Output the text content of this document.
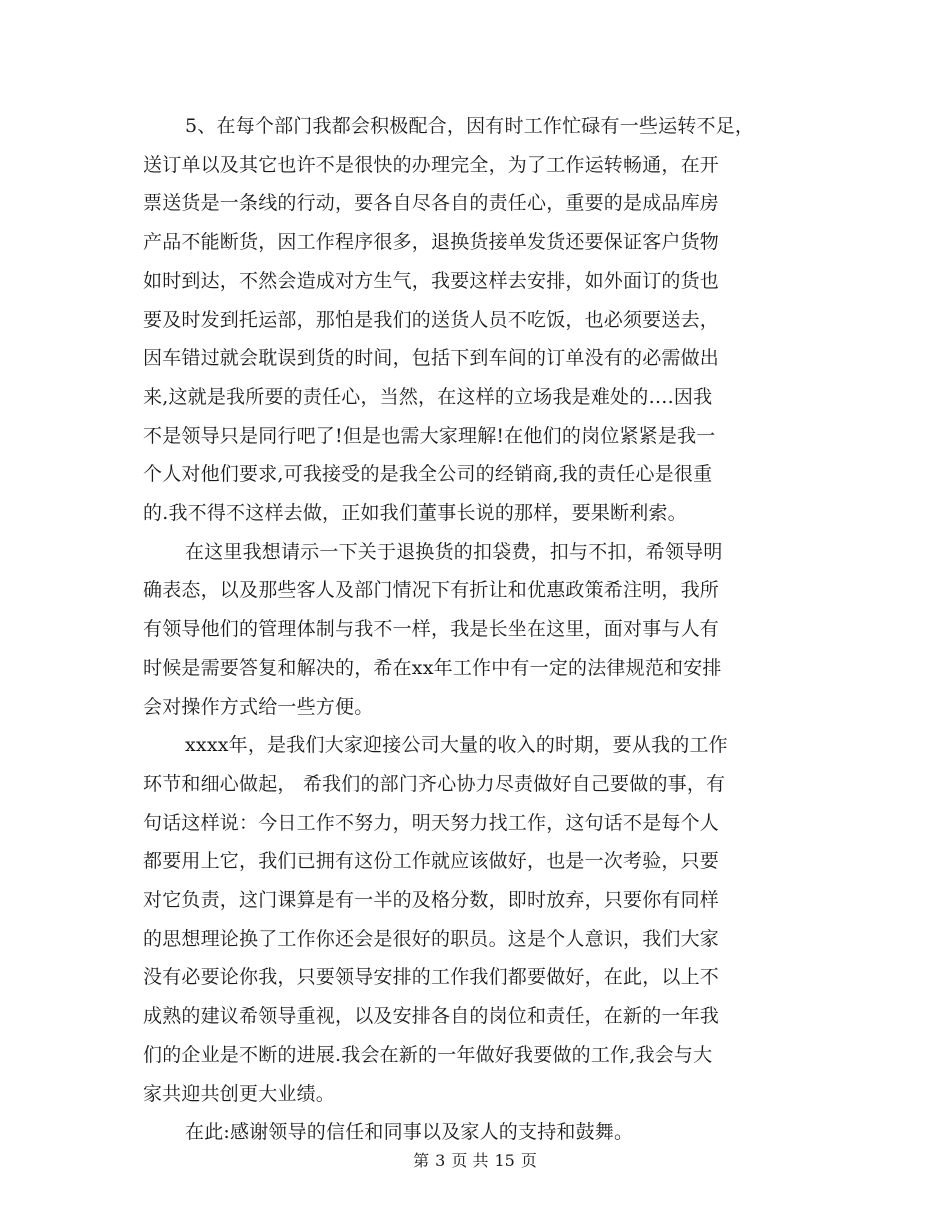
5、在每个部门我都会积极配合，因有时工作忙碌有一些运转不足，
送订单以及其它也许不是很快的办理完全，为了工作运转畅通，在开
票送货是一条线的行动，要各自尽各自的责任心，重要的是成品库房
产品不能断货，因工作程序很多，退换货接单发货还要保证客户货物
如时到达，不然会造成对方生气，我要这样去安排，如外面订的货也
要及时发到托运部，那怕是我们的送货人员不吃饭，也必须要送去，
因车错过就会耽误到货的时间，包括下到车间的订单没有的必需做出
来,这就是我所要的责任心，当然，在这样的立场我是难处的….因我
不是领导只是同行吧了!但是也需大家理解!在他们的岗位紧紧是我一
个人对他们要求,可我接受的是我全公司的经销商,我的责任心是很重
的.我不得不这样去做，正如我们董事长说的那样，要果断利索。

在这里我想请示一下关于退换货的扣袋费，扣与不扣，希领导明
确表态，以及那些客人及部门情况下有折让和优惠政策希注明，我所
有领导他们的管理体制与我不一样，我是长坐在这里，面对事与人有
时候是需要答复和解决的，希在xx年工作中有一定的法律规范和安排
会对操作方式给一些方便。

xxxx年，是我们大家迎接公司大量的收入的时期，要从我的工作
环节和细心做起， 希我们的部门齐心协力尽责做好自己要做的事，有
句话这样说：今日工作不努力，明天努力找工作，这句话不是每个人
都要用上它，我们已拥有这份工作就应该做好，也是一次考验，只要
对它负责，这门课算是有一半的及格分数，即时放弃，只要你有同样
的思想理论换了工作你还会是很好的职员。这是个人意识，我们大家
没有必要论你我，只要领导安排的工作我们都要做好，在此，以上不
成熟的建议希领导重视，以及安排各自的岗位和责任，在新的一年我
们的企业是不断的进展.我会在新的一年做好我要做的工作,我会与大
家共迎共创更大业绩。

在此:感谢领导的信任和同事以及家人的支持和鼓舞。

第 3 页 共 15 页
